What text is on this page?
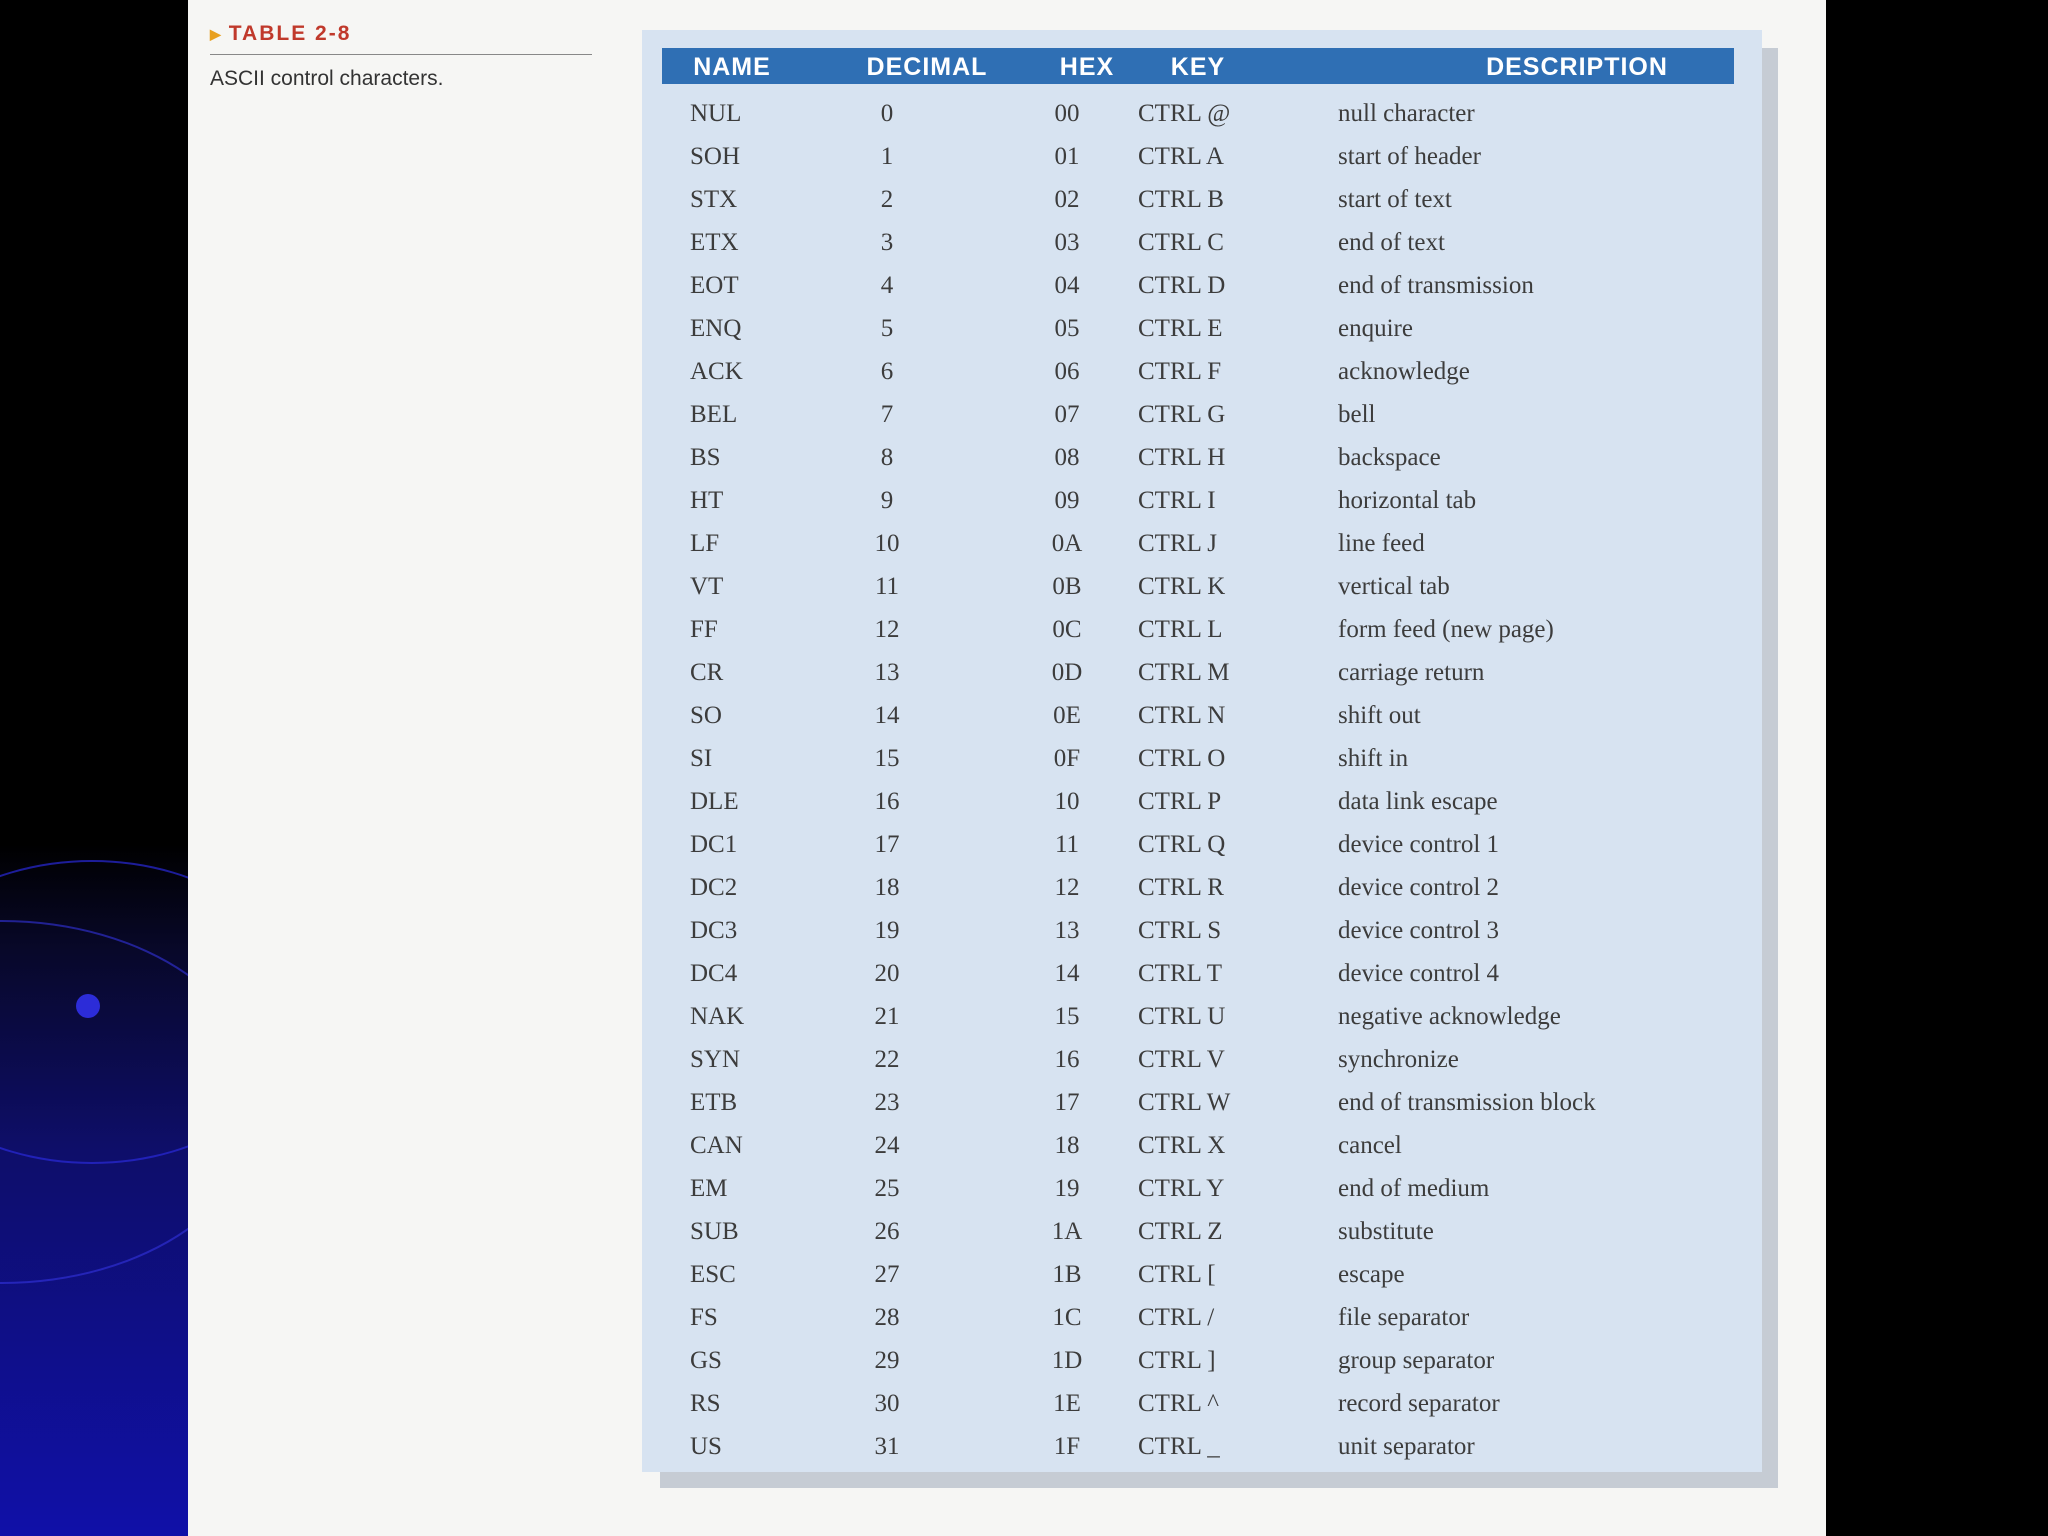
▶ TABLE 2-8
ASCII control characters.	NAME	DECIMAL	HEX	KEY	DESCRIPTION
NUL	0	00	CTRL @	null character
SOH	1	01	CTRL A	start of header
STX	2	02	CTRL B	start of text
ETX	3	03	CTRL C	end of text
EOT	4	04	CTRL D	end of transmission
ENQ	5	05	CTRL E	enquire
ACK	6	06	CTRL F	acknowledge
BEL	7	07	CTRL G	bell
BS	8	08	CTRL H	backspace
HT	9	09	CTRL I	horizontal tab
LF	10	0A	CTRL J	line feed
VT	11	0B	CTRL K	vertical tab
FF	12	0C	CTRL L	form feed (new page)
CR	13	0D	CTRL M	carriage return
SO	14	0E	CTRL N	shift out
SI	15	0F	CTRL O	shift in
DLE	16	10	CTRL P	data link escape
DC1	17	11	CTRL Q	device control 1
DC2	18	12	CTRL R	device control 2
DC3	19	13	CTRL S	device control 3
DC4	20	14	CTRL T	device control 4
NAK	21	15	CTRL U	negative acknowledge
SYN	22	16	CTRL V	synchronize
ETB	23	17	CTRL W	end of transmission block
CAN	24	18	CTRL X	cancel
EM	25	19	CTRL Y	end of medium
SUB	26	1A	CTRL Z	substitute
ESC	27	1B	CTRL [	escape
FS	28	1C	CTRL /	file separator
GS	29	1D	CTRL ]	group separator
RS	30	1E	CTRL ^	record separator
US	31	1F	CTRL _	unit separator
